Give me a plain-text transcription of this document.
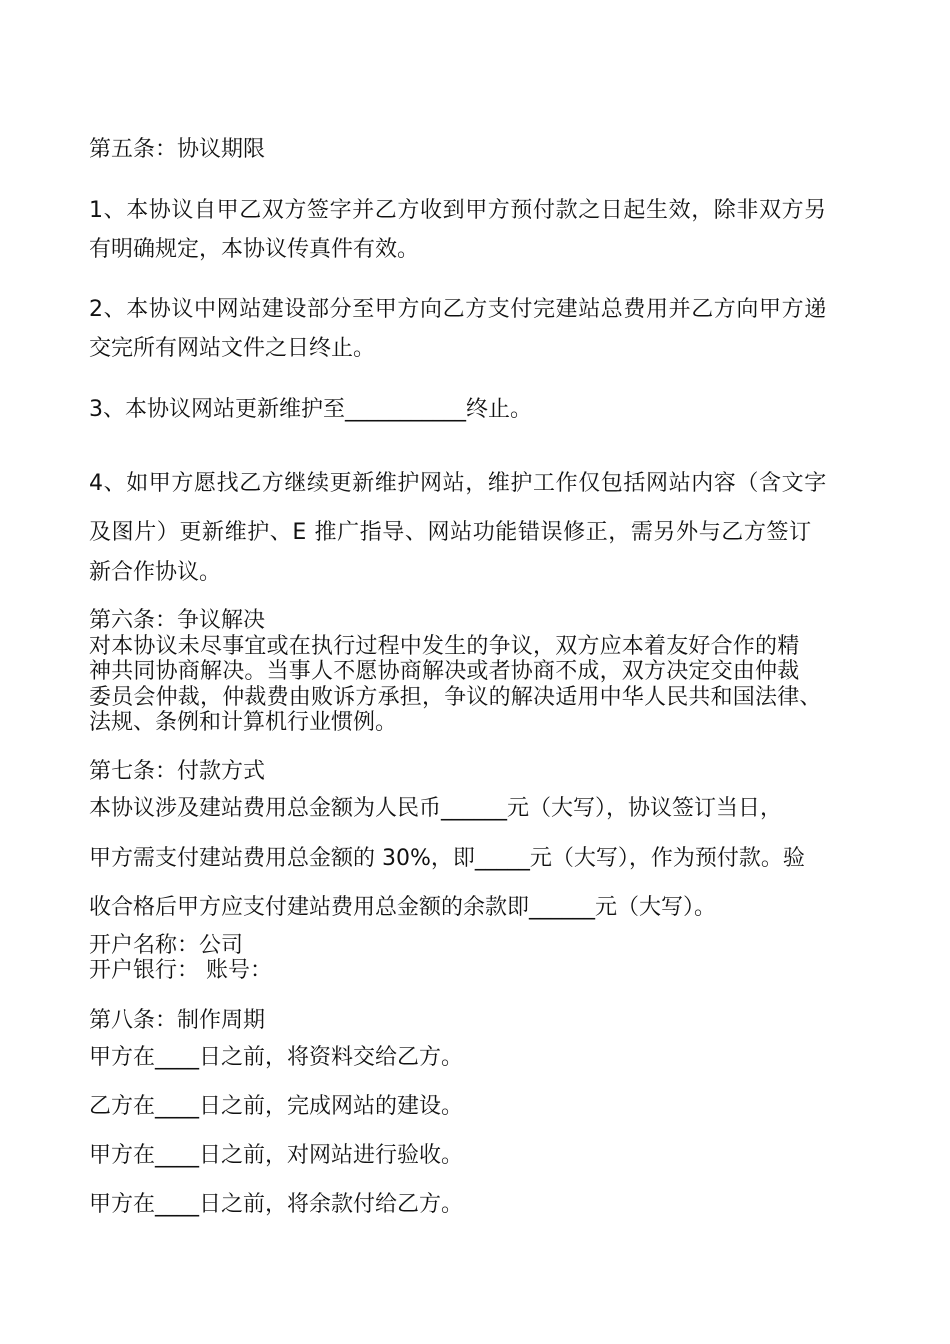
第五条：协议期限
1、本协议自甲乙双方签字并乙方收到甲方预付款之日起生效，除非双方另
有明确规定，本协议传真件有效。
2、本协议中网站建设部分至甲方向乙方支付完建站总费用并乙方向甲方递
交完所有网站文件之日终止。
3、本协议网站更新维护至___________终止。
4、如甲方愿找乙方继续更新维护网站，维护工作仅包括网站内容（含文字
及图片）更新维护、E 推广指导、网站功能错误修正，需另外与乙方签订
新合作协议。
第六条：争议解决
对本协议未尽事宜或在执行过程中发生的争议，双方应本着友好合作的精
神共同协商解决。当事人不愿协商解决或者协商不成，双方决定交由仲裁
委员会仲裁，仲裁费由败诉方承担，争议的解决适用中华人民共和国法律、
法规、条例和计算机行业惯例。
第七条：付款方式
本协议涉及建站费用总金额为人民币______元（大写），协议签订当日，
甲方需支付建站费用总金额的 30%，即_____元（大写），作为预付款。验
收合格后甲方应支付建站费用总金额的余款即______元（大写）。
开户名称：公司
开户银行： 账号：
第八条：制作周期
甲方在____日之前，将资料交给乙方。
乙方在____日之前，完成网站的建设。
甲方在____日之前，对网站进行验收。
甲方在____日之前，将余款付给乙方。
